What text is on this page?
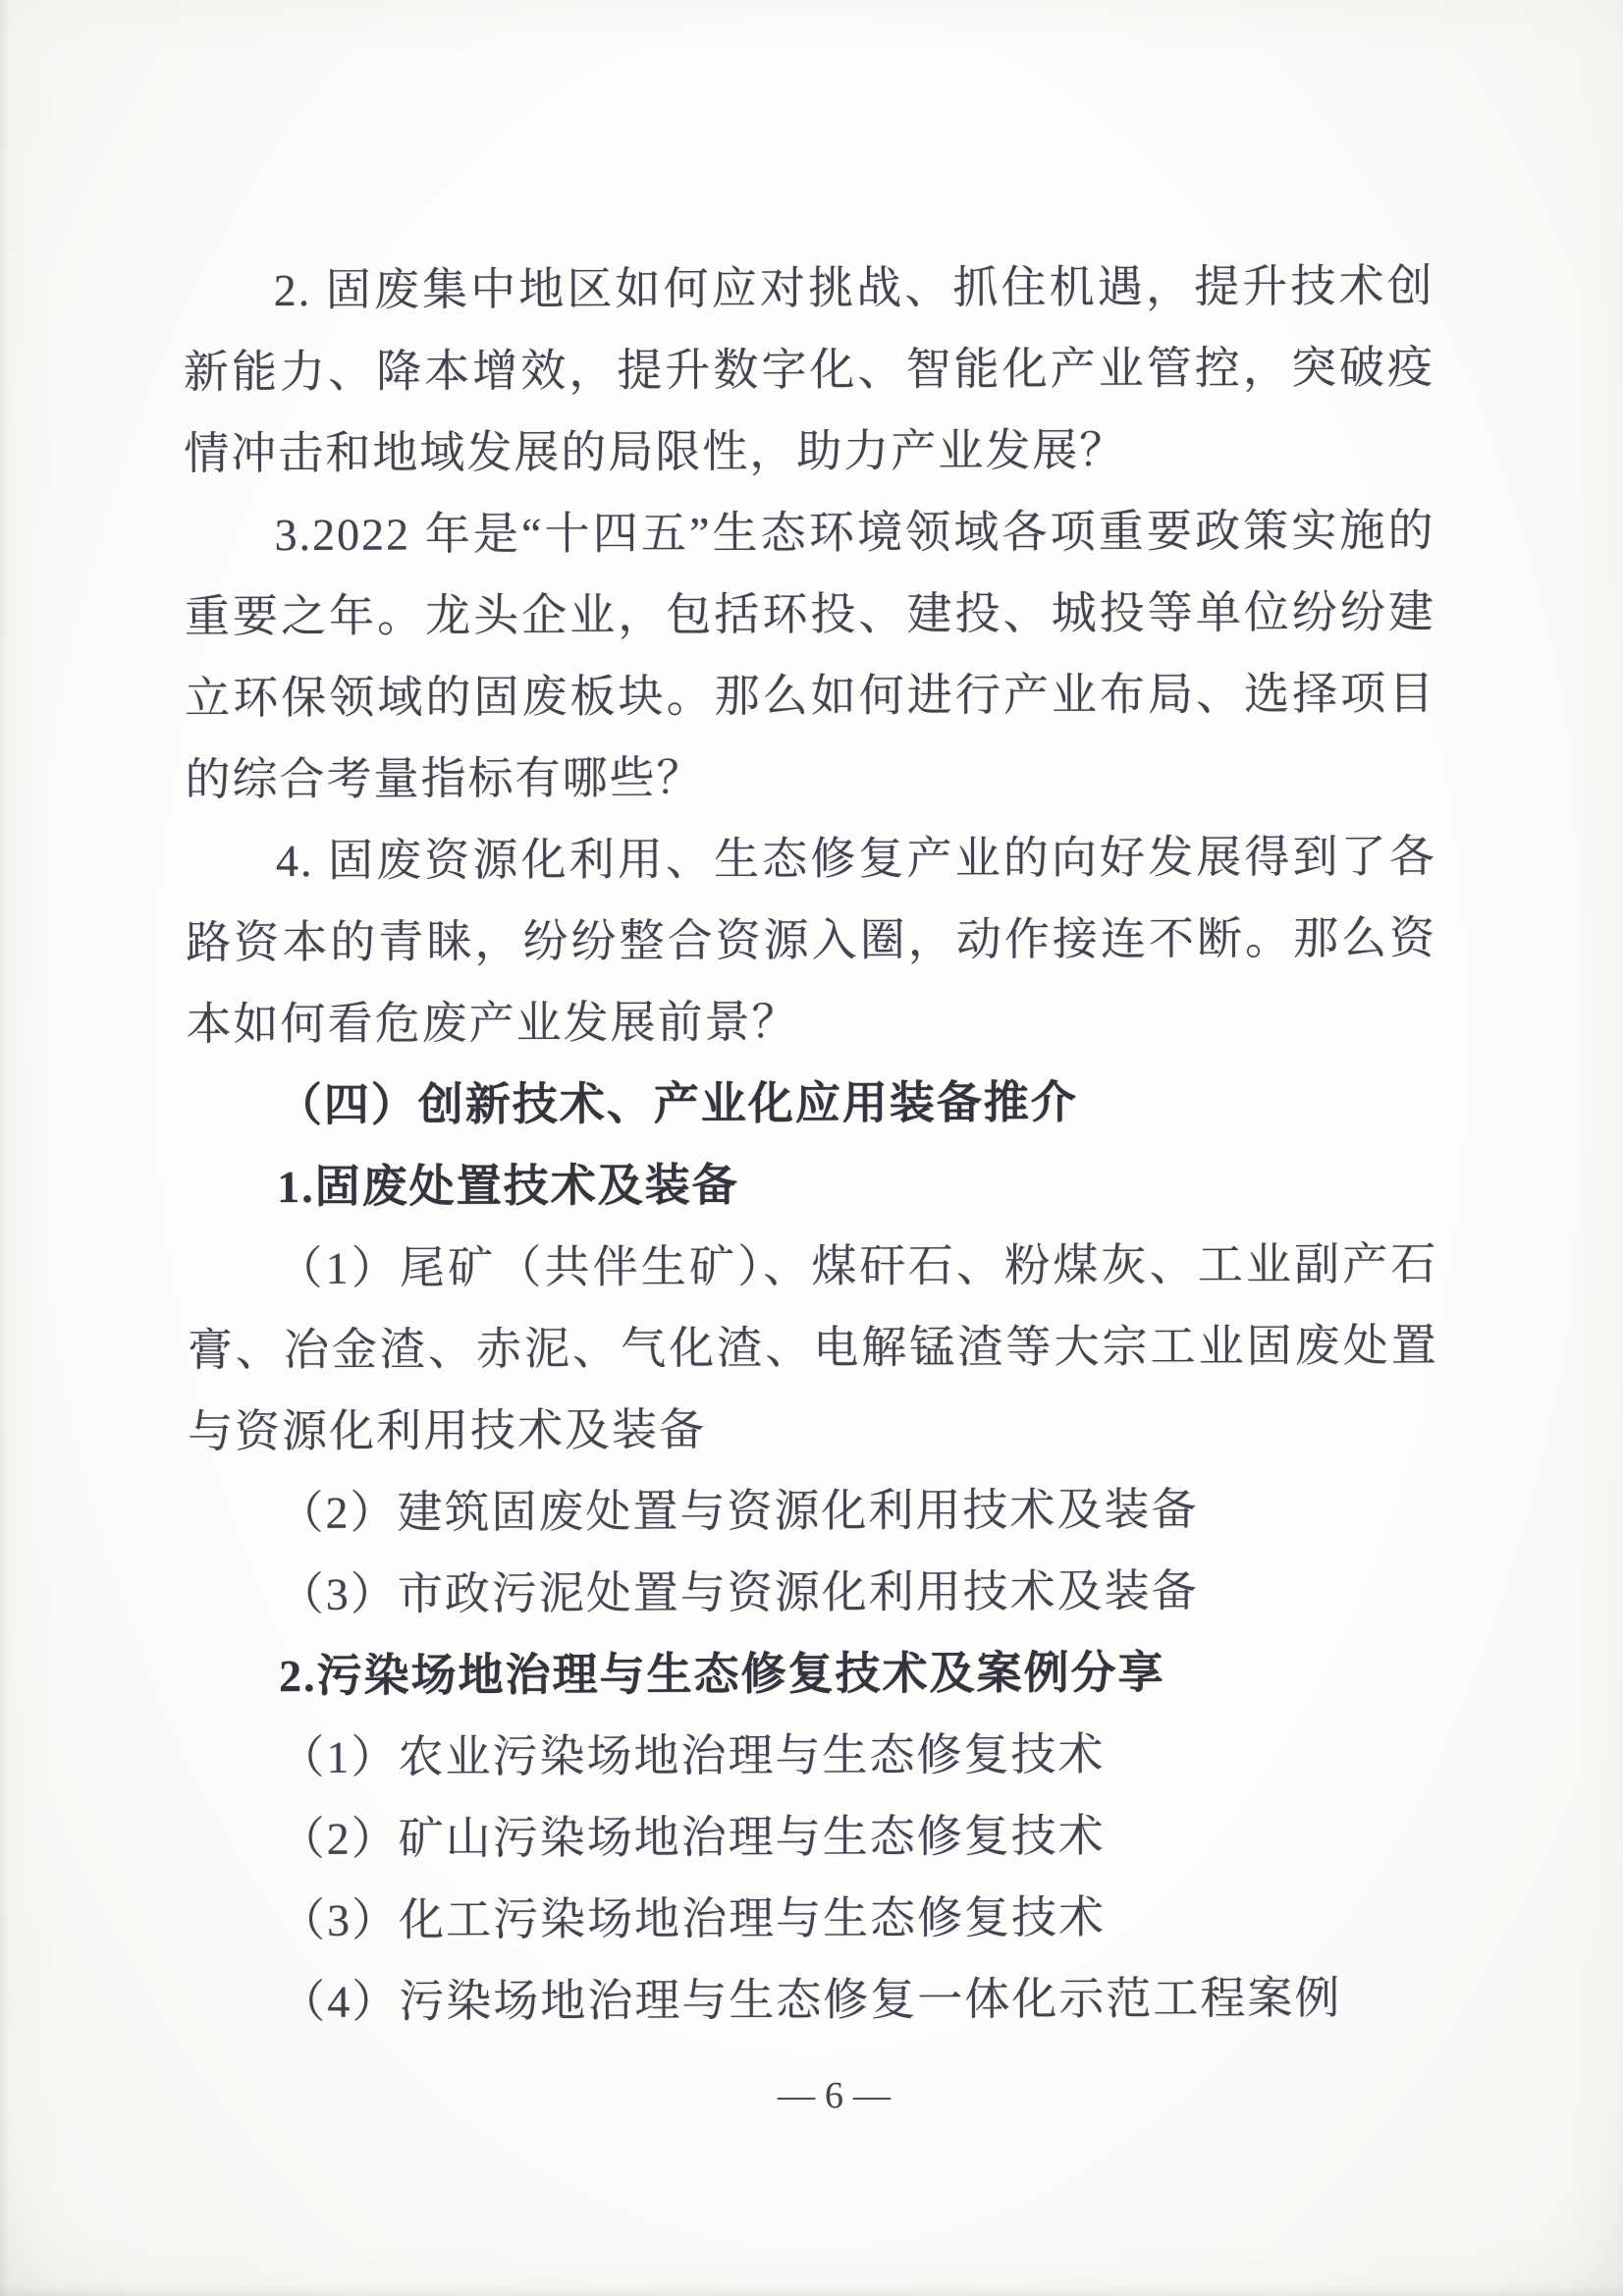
2. 固废集中地区如何应对挑战、抓住机遇，提升技术创新能力、降本增效，提升数字化、智能化产业管控，突破疫情冲击和地域发展的局限性，助力产业发展？

3.2022 年是“十四五”生态环境领域各项重要政策实施的重要之年。龙头企业，包括环投、建投、城投等单位纷纷建立环保领域的固废板块。那么如何进行产业布局、选择项目的综合考量指标有哪些？

4. 固废资源化利用、生态修复产业的向好发展得到了各路资本的青睐，纷纷整合资源入圈，动作接连不断。那么资本如何看危废产业发展前景？

（四）创新技术、产业化应用装备推介

1.固废处置技术及装备

（1）尾矿（共伴生矿）、煤矸石、粉煤灰、工业副产石膏、冶金渣、赤泥、气化渣、电解锰渣等大宗工业固废处置与资源化利用技术及装备

（2）建筑固废处置与资源化利用技术及装备

（3）市政污泥处置与资源化利用技术及装备

2.污染场地治理与生态修复技术及案例分享

（1）农业污染场地治理与生态修复技术

（2）矿山污染场地治理与生态修复技术

（3）化工污染场地治理与生态修复技术

（4）污染场地治理与生态修复一体化示范工程案例

—6—
